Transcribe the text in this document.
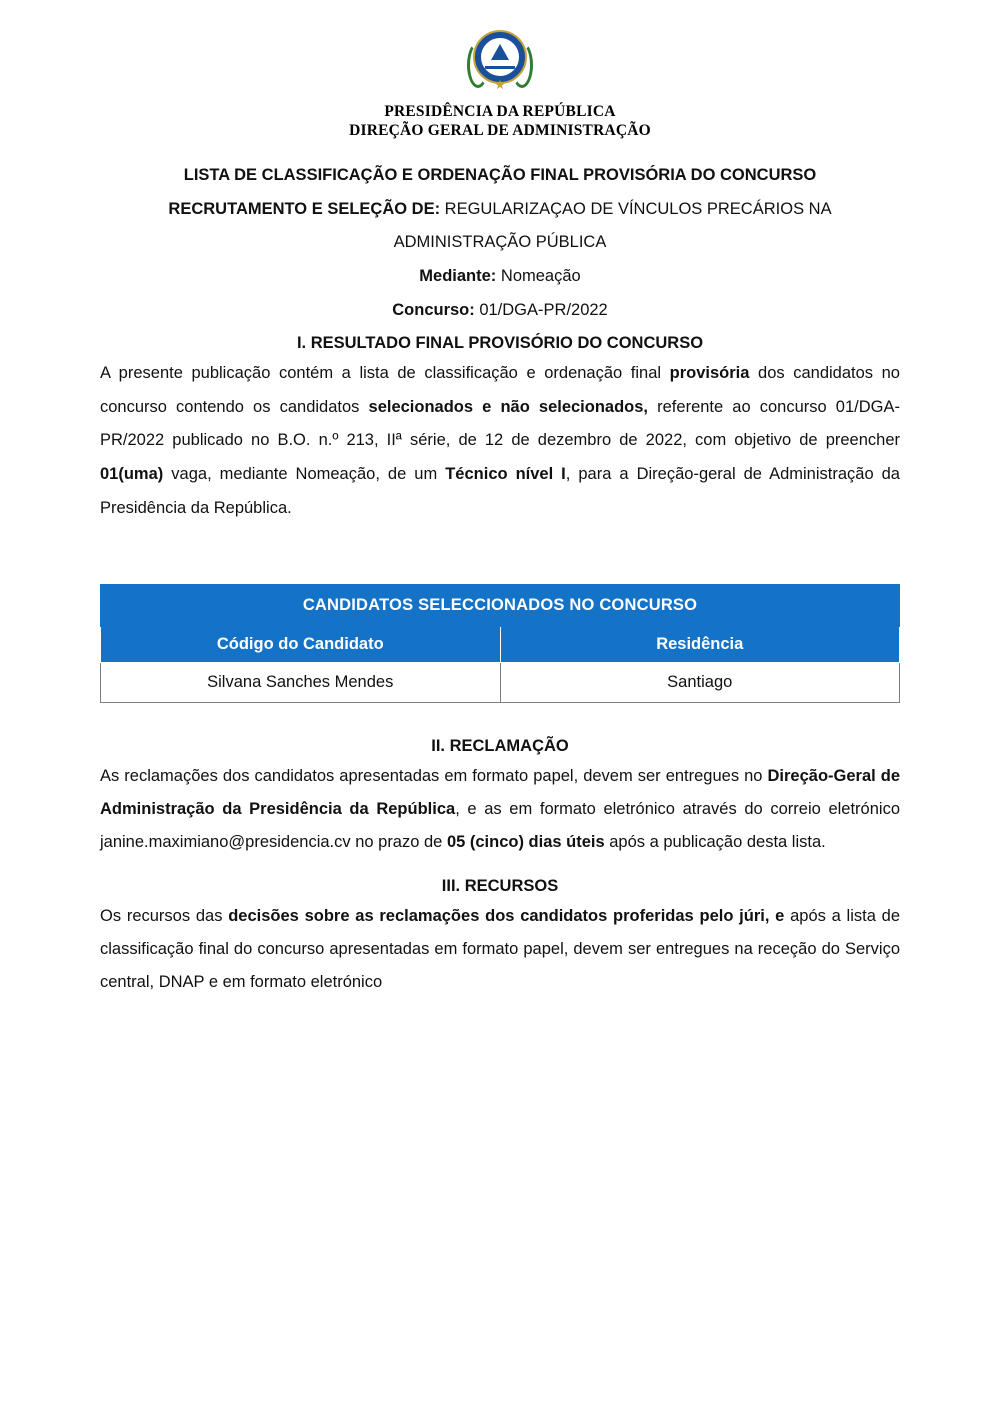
★
PRESIDÊNCIA DA REPÚBLICA
DIREÇÃO GERAL DE ADMINISTRAÇÃO
LISTA DE CLASSIFICAÇÃO E ORDENAÇÃO FINAL PROVISÓRIA DO CONCURSO
RECRUTAMENTO E SELEÇÃO DE: REGULARIZAÇAO DE VÍNCULOS PRECÁRIOS NA
ADMINISTRAÇÃO PÚBLICA
Mediante: Nomeação
Concurso: 01/DGA-PR/2022
I. RESULTADO FINAL PROVISÓRIO DO CONCURSO

A presente publicação contém a lista de classificação e ordenação final provisória dos candidatos no concurso contendo os candidatos selecionados e não selecionados, referente ao concurso 01/DGA-PR/2022 publicado no B.O. n.º 213, IIª série, de 12 de dezembro de 2022, com objetivo de preencher 01(uma) vaga, mediante Nomeação, de um Técnico nível I, para a Direção-geral de Administração da Presidência da República.

CANDIDATOS SELECCIONADOS NO CONCURSO	
Código do Candidato	Residência
Silvana Sanches Mendes	Santiago
II. RECLAMAÇÃO

As reclamações dos candidatos apresentadas em formato papel, devem ser entregues no Direção-Geral de Administração da Presidência da República, e as em formato eletrónico através do correio eletrónico janine.maximiano@presidencia.cv no prazo de 05 (cinco) dias úteis após a publicação desta lista.

III. RECURSOS

Os recursos das decisões sobre as reclamações dos candidatos proferidas pelo júri, e após a lista de classificação final do concurso apresentadas em formato papel, devem ser entregues na receção do Serviço central, DNAP e em formato eletrónico
